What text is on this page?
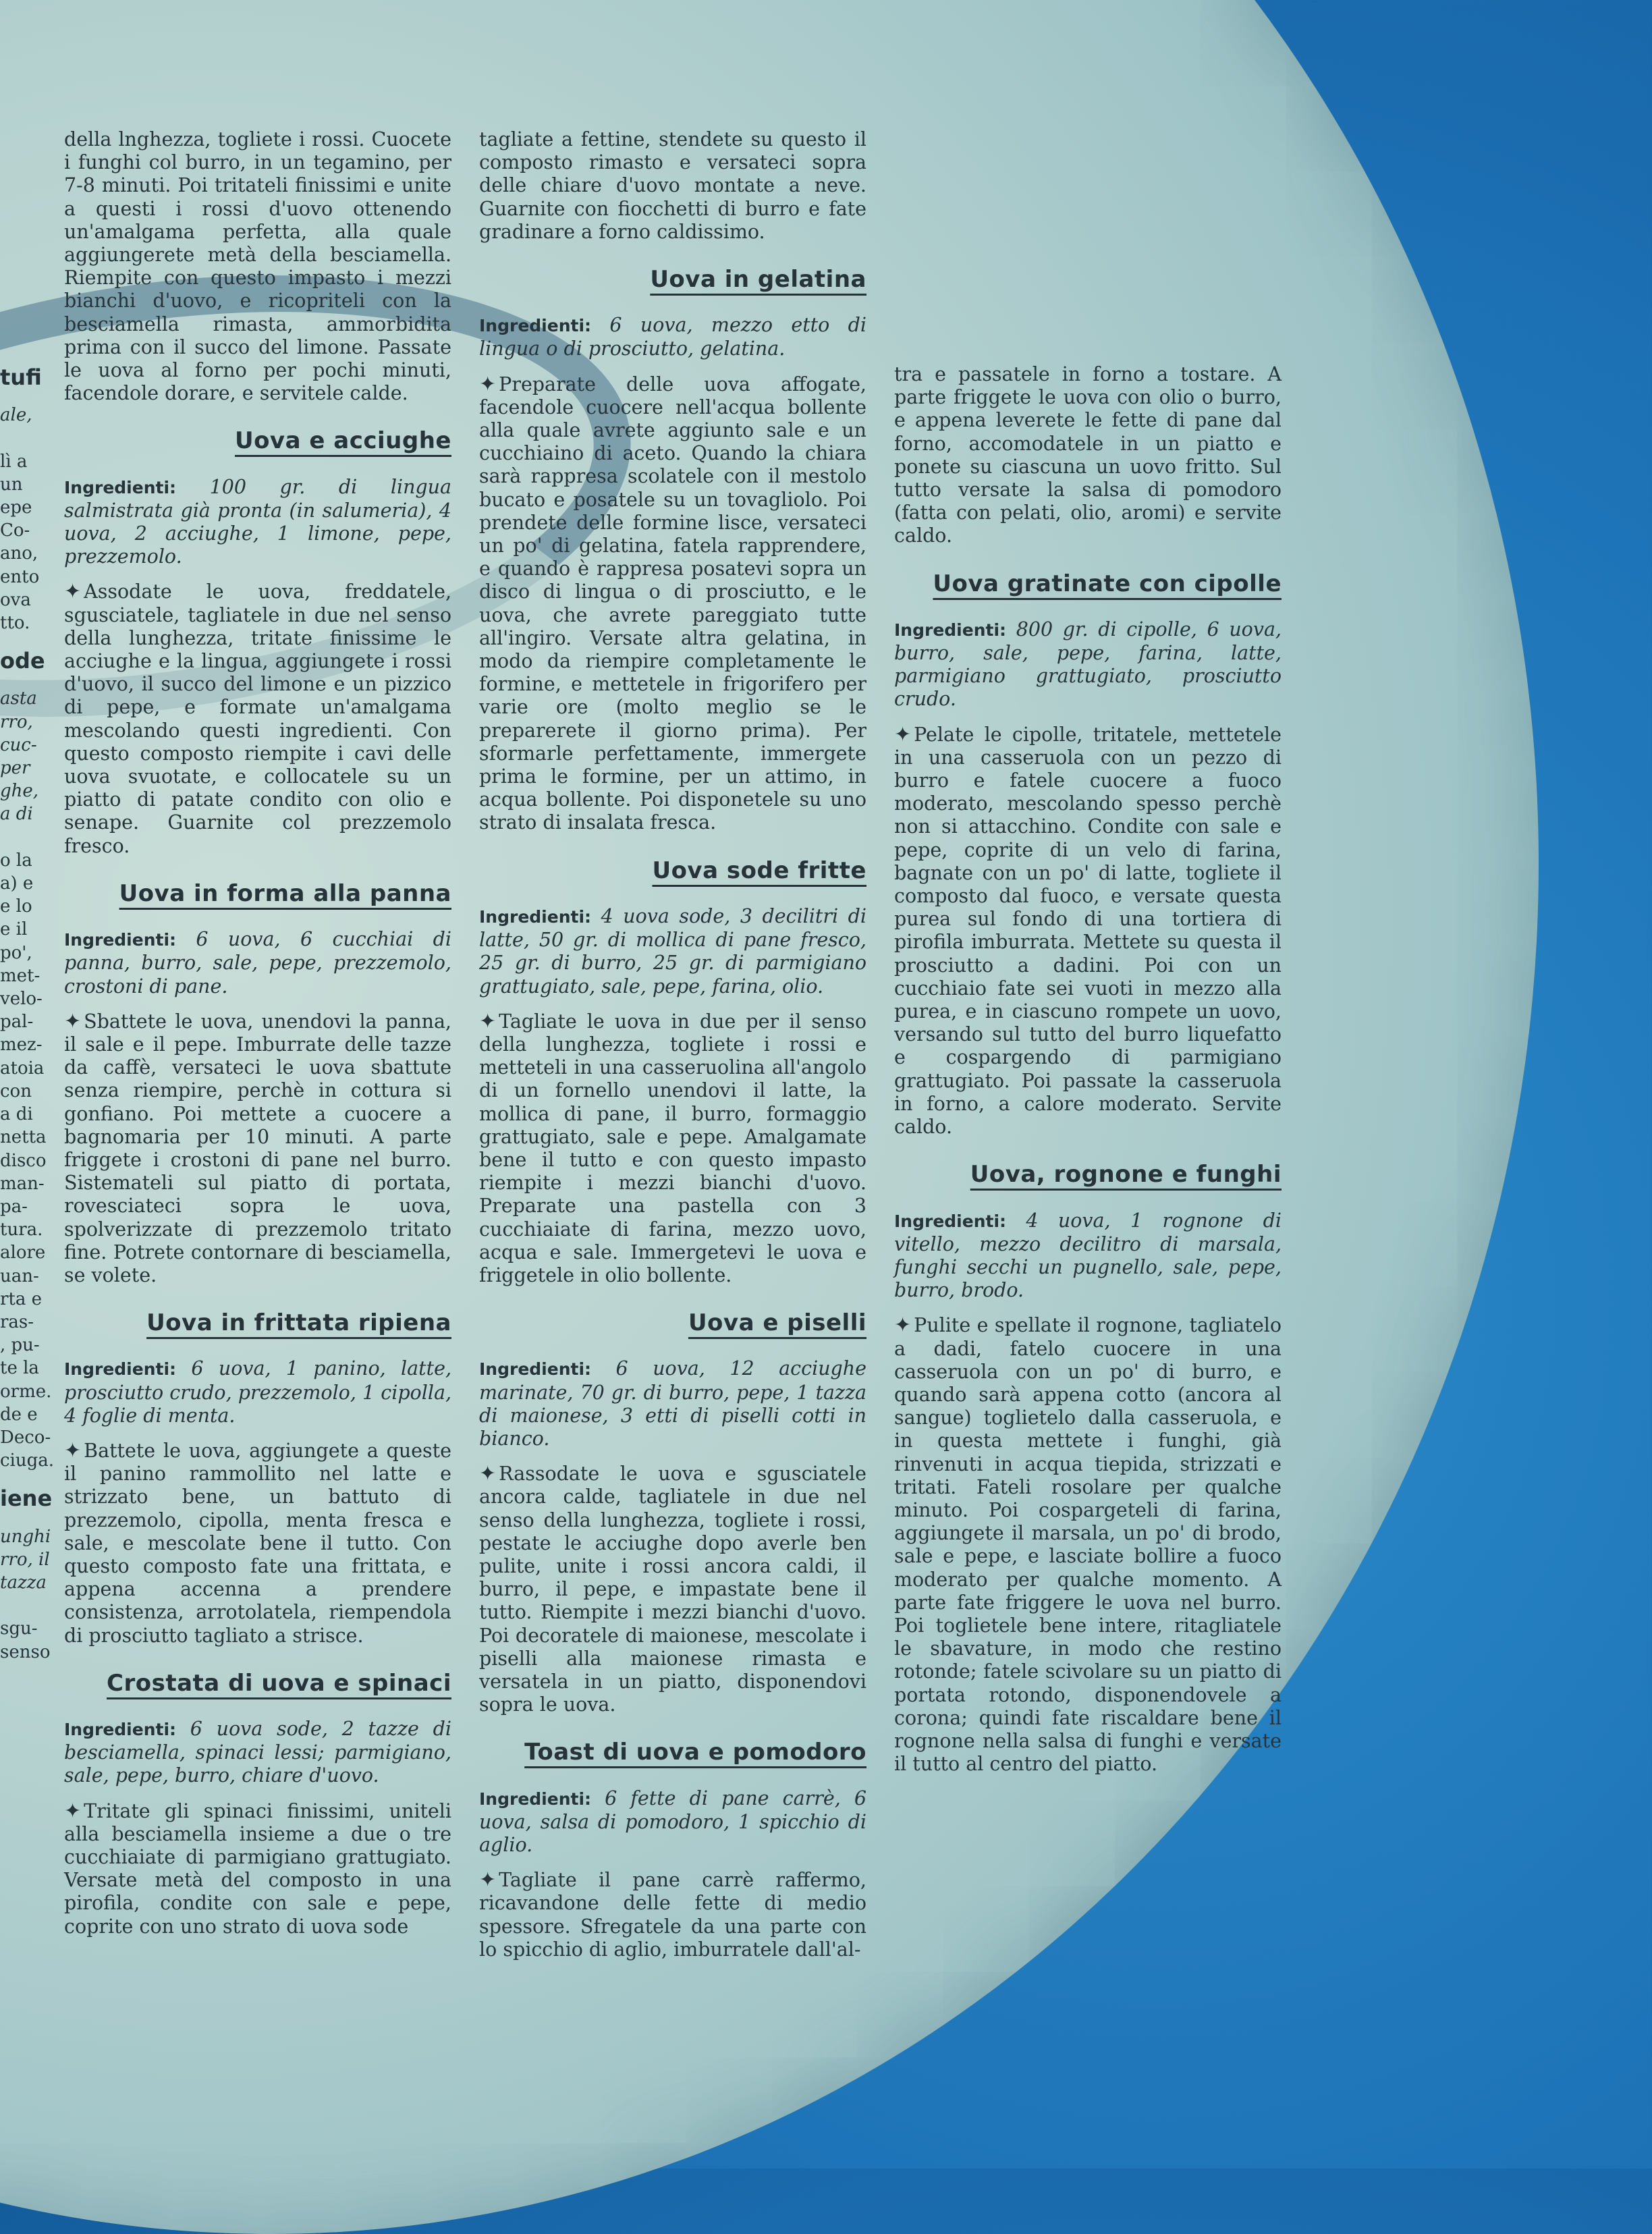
tufi

ale,

lì a

un

epe

Co-

ano,

ento

ova

tto.

ode

asta

rro,

cuc-

per

ghe,

a di

o la

a) e

e lo

e il

po',

met-

velo-

pal-

mez-

atoia

con

a di

netta

disco

man-

pa-

tura.

alore

uan-

rta e

ras-

, pu-

te la

orme.

de e

Deco-

ciuga.

iene

unghi

rro, il

tazza

sgu-

senso

della lnghezza, togliete i rossi. Cuocete i funghi col burro, in un tegamino, per 7-8 minuti. Poi tritateli finissimi e unite a questi i rossi d'uovo ottenendo un'amalgama perfetta, alla quale aggiungerete metà della besciamella. Riempite con questo impasto i mezzi bianchi d'uovo, e ricopriteli con la besciamella rimasta, ammorbidita prima con il succo del limone. Passate le uova al forno per pochi minuti, facendole dorare, e servitele calde.

Uova e acciughe

Ingredienti: 100 gr. di lingua salmistrata già pronta (in salumeria), 4 uova, 2 acciughe, 1 limone, pepe, prezzemolo.

✦ Assodate le uova, freddatele, sgusciatele, tagliatele in due nel senso della lunghezza, tritate finissime le acciughe e la lingua, aggiungete i rossi d'uovo, il succo del limone e un pizzico di pepe, e formate un'amalgama mescolando questi ingredienti. Con questo composto riempite i cavi delle uova svuotate, e collocatele su un piatto di patate condito con olio e senape. Guarnite col prezzemolo fresco.

Uova in forma alla panna

Ingredienti: 6 uova, 6 cucchiai di panna, burro, sale, pepe, prezzemolo, crostoni di pane.

✦ Sbattete le uova, unendovi la panna, il sale e il pepe. Imburrate delle tazze da caffè, versateci le uova sbattute senza riempire, perchè in cottura si gonfiano. Poi mettete a cuocere a bagnomaria per 10 minuti. A parte friggete i crostoni di pane nel burro. Sistemateli sul piatto di portata, rovesciateci sopra le uova, spolverizzate di prezzemolo tritato fine. Potrete contornare di besciamella, se volete.

Uova in frittata ripiena

Ingredienti: 6 uova, 1 panino, latte, prosciutto crudo, prezzemolo, 1 cipolla, 4 foglie di menta.

✦ Battete le uova, aggiungete a queste il panino rammollito nel latte e strizzato bene, un battuto di prezzemolo, cipolla, menta fresca e sale, e mescolate bene il tutto. Con questo composto fate una frittata, e appena accenna a prendere consistenza, arrotolatela, riempendola di prosciutto tagliato a strisce.

Crostata di uova e spinaci

Ingredienti: 6 uova sode, 2 tazze di besciamella, spinaci lessi; parmigiano, sale, pepe, burro, chiare d'uovo.

✦ Tritate gli spinaci finissimi, uniteli alla besciamella insieme a due o tre cucchiaiate di parmigiano grattugiato. Versate metà del composto in una pirofila, condite con sale e pepe, coprite con uno strato di uova sode

tagliate a fettine, stendete su questo il composto rimasto e versateci sopra delle chiare d'uovo montate a neve. Guarnite con fiocchetti di burro e fate gradinare a forno caldissimo.

Uova in gelatina

Ingredienti: 6 uova, mezzo etto di lingua o di prosciutto, gelatina.

✦ Preparate delle uova affogate, facendole cuocere nell'acqua bollente alla quale avrete aggiunto sale e un cucchiaino di aceto. Quando la chiara sarà rappresa scolatele con il mestolo bucato e posatele su un tovagliolo. Poi prendete delle formine lisce, versateci un po' di gelatina, fatela rapprendere, e quando è rappresa posatevi sopra un disco di lingua o di prosciutto, e le uova, che avrete pareggiato tutte all'ingiro. Versate altra gelatina, in modo da riempire completamente le formine, e mettetele in frigorifero per varie ore (molto meglio se le preparerete il giorno prima). Per sformarle perfettamente, immergete prima le formine, per un attimo, in acqua bollente. Poi disponetele su uno strato di insalata fresca.

Uova sode fritte

Ingredienti: 4 uova sode, 3 decilitri di latte, 50 gr. di mollica di pane fresco, 25 gr. di burro, 25 gr. di parmigiano grattugiato, sale, pepe, farina, olio.

✦ Tagliate le uova in due per il senso della lunghezza, togliete i rossi e metteteli in una casseruolina all'angolo di un fornello unendovi il latte, la mollica di pane, il burro, formaggio grattugiato, sale e pepe. Amalgamate bene il tutto e con questo impasto riempite i mezzi bianchi d'uovo. Preparate una pastella con 3 cucchiaiate di farina, mezzo uovo, acqua e sale. Immergetevi le uova e friggetele in olio bollente.

Uova e piselli

Ingredienti: 6 uova, 12 acciughe marinate, 70 gr. di burro, pepe, 1 tazza di maionese, 3 etti di piselli cotti in bianco.

✦ Rassodate le uova e sgusciatele ancora calde, tagliatele in due nel senso della lunghezza, togliete i rossi, pestate le acciughe dopo averle ben pulite, unite i rossi ancora caldi, il burro, il pepe, e impastate bene il tutto. Riempite i mezzi bianchi d'uovo. Poi decoratele di maionese, mescolate i piselli alla maionese rimasta e versatela in un piatto, disponendovi sopra le uova.

Toast di uova e pomodoro

Ingredienti: 6 fette di pane carrè, 6 uova, salsa di pomodoro, 1 spicchio di aglio.

✦ Tagliate il pane carrè raffermo, ricavandone delle fette di medio spessore. Sfregatele da una parte con lo spicchio di aglio, imburratele dall'al-

tra e passatele in forno a tostare. A parte friggete le uova con olio o burro, e appena leverete le fette di pane dal forno, accomodatele in un piatto e ponete su ciascuna un uovo fritto. Sul tutto versate la salsa di pomodoro (fatta con pelati, olio, aromi) e servite caldo.

Uova gratinate con cipolle

Ingredienti: 800 gr. di cipolle, 6 uova, burro, sale, pepe, farina, latte, parmigiano grattugiato, prosciutto crudo.

✦ Pelate le cipolle, tritatele, mettetele in una casseruola con un pezzo di burro e fatele cuocere a fuoco moderato, mescolando spesso perchè non si attacchino. Condite con sale e pepe, coprite di un velo di farina, bagnate con un po' di latte, togliete il composto dal fuoco, e versate questa purea sul fondo di una tortiera di pirofila imburrata. Mettete su questa il prosciutto a dadini. Poi con un cucchiaio fate sei vuoti in mezzo alla purea, e in ciascuno rompete un uovo, versando sul tutto del burro liquefatto e cospargendo di parmigiano grattugiato. Poi passate la casseruola in forno, a calore moderato. Servite caldo.

Uova, rognone e funghi

Ingredienti: 4 uova, 1 rognone di vitello, mezzo decilitro di marsala, funghi secchi un pugnello, sale, pepe, burro, brodo.

✦ Pulite e spellate il rognone, tagliatelo a dadi, fatelo cuocere in una casseruola con un po' di burro, e quando sarà appena cotto (ancora al sangue) toglietelo dalla casseruola, e in questa mettete i funghi, già rinvenuti in acqua tiepida, strizzati e tritati. Fateli rosolare per qualche minuto. Poi cospargeteli di farina, aggiungete il marsala, un po' di brodo, sale e pepe, e lasciate bollire a fuoco moderato per qualche momento. A parte fate friggere le uova nel burro. Poi toglietele bene intere, ritagliatele le sbavature, in modo che restino rotonde; fatele scivolare su un piatto di portata rotondo, disponendovele a corona; quindi fate riscaldare bene il rognone nella salsa di funghi e versate il tutto al centro del piatto.
